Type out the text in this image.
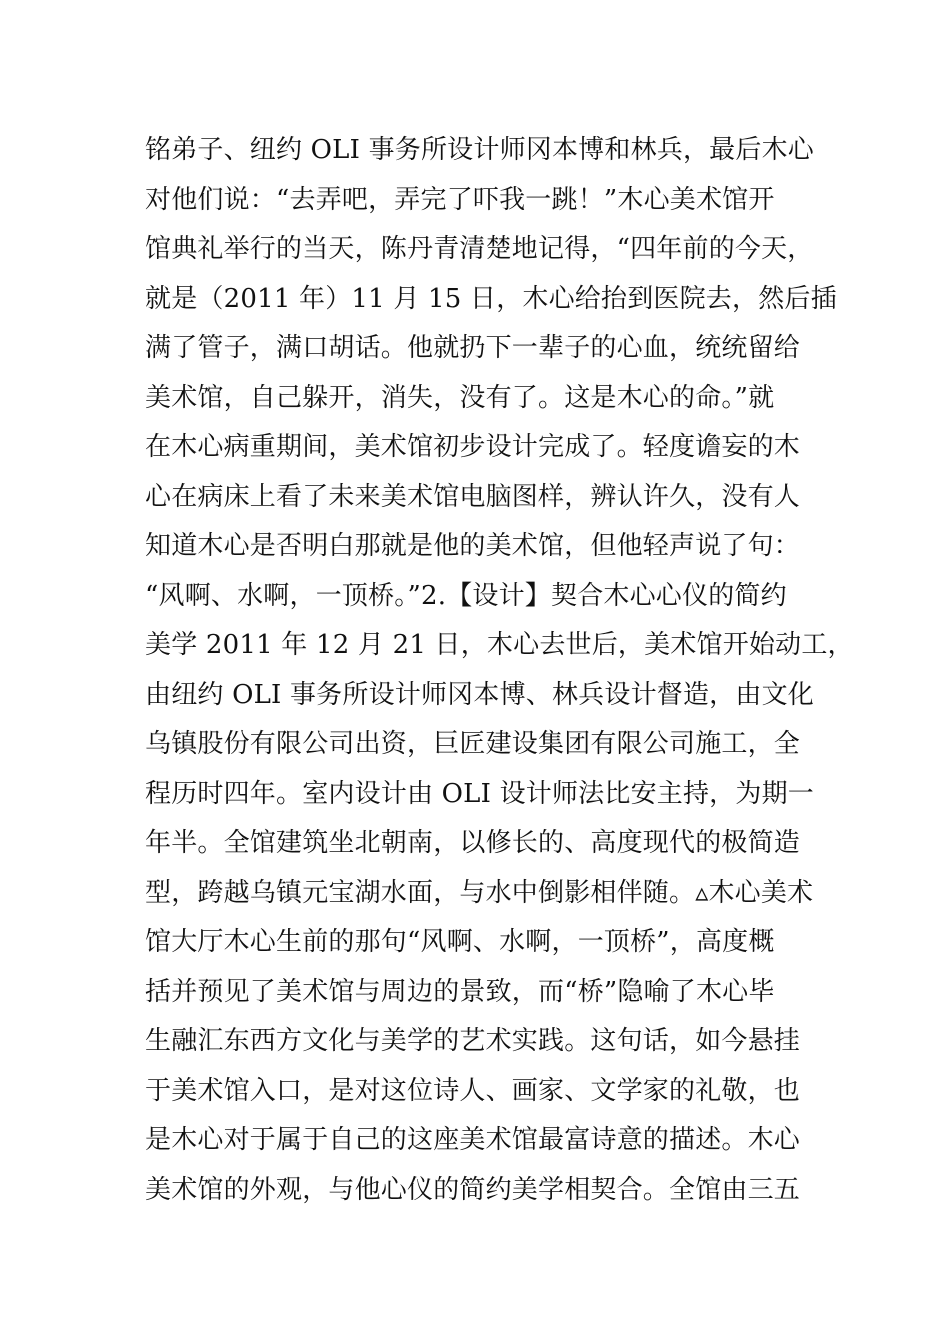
铭弟子、纽约 OLI 事务所设计师冈本博和林兵，最后木心
对他们说：“去弄吧，弄完了吓我一跳！”木心美术馆开
馆典礼举行的当天，陈丹青清楚地记得，“四年前的今天，
就是（2011 年）11 月 15 日，木心给抬到医院去，然后插
满了管子，满口胡话。他就扔下一辈子的心血，统统留给
美术馆，自己躲开，消失，没有了。这是木心的命。”就
在木心病重期间，美术馆初步设计完成了。轻度谵妄的木
心在病床上看了未来美术馆电脑图样，辨认许久，没有人
知道木心是否明白那就是他的美术馆，但他轻声说了句：
“风啊、水啊，一顶桥。”2.【设计】契合木心心仪的简约
美学 2011 年 12 月 21 日，木心去世后，美术馆开始动工，
由纽约 OLI 事务所设计师冈本博、林兵设计督造，由文化
乌镇股份有限公司出资，巨匠建设集团有限公司施工，全
程历时四年。室内设计由 OLI 设计师法比安主持，为期一
年半。全馆建筑坐北朝南，以修长的、高度现代的极简造
型，跨越乌镇元宝湖水面，与水中倒影相伴随。▵木心美术
馆大厅木心生前的那句“风啊、水啊，一顶桥”，高度概
括并预见了美术馆与周边的景致，而“桥”隐喻了木心毕
生融汇东西方文化与美学的艺术实践。这句话，如今悬挂
于美术馆入口，是对这位诗人、画家、文学家的礼敬，也
是木心对于属于自己的这座美术馆最富诗意的描述。木心
美术馆的外观，与他心仪的简约美学相契合。全馆由三五
